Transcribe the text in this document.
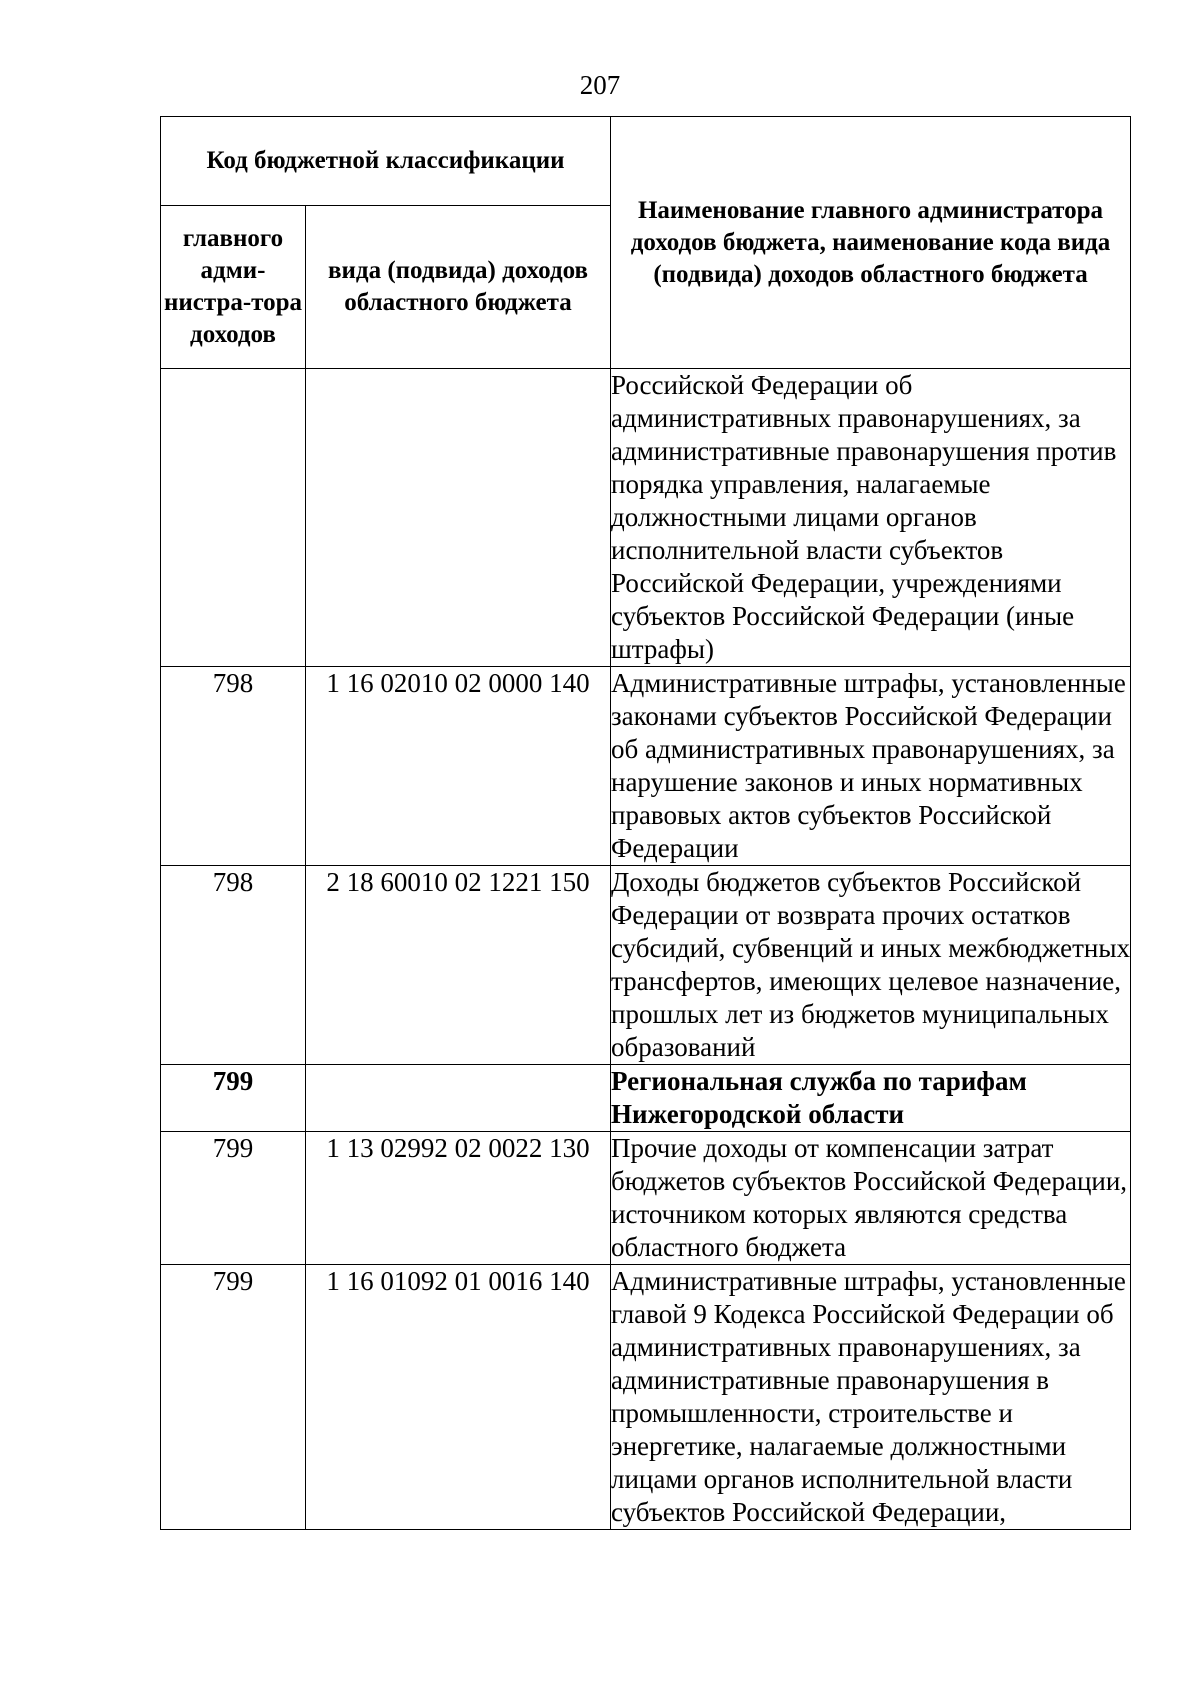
207
Код бюджетной классификации		Наименование главного администратора доходов бюджета, наименование кода вида (подвида) доходов областного бюджета
главного адми-нистра-тора доходов	вида (подвида) доходов областного бюджета	
		Российской Федерации об административных правонарушениях, за административные правонарушения против порядка управления, налагаемые должностными лицами органов исполнительной власти субъектов Российской Федерации, учреждениями субъектов Российской Федерации (иные штрафы)
798	1 16 02010 02 0000 140	Административные штрафы, установленные законами субъектов Российской Федерации об административных правонарушениях, за нарушение законов и иных нормативных правовых актов субъектов Российской Федерации
798	2 18 60010 02 1221 150	Доходы бюджетов субъектов Российской Федерации от возврата прочих остатков субсидий, субвенций и иных межбюджетных трансфертов, имеющих целевое назначение, прошлых лет из бюджетов муниципальных образований
799		Региональная служба по тарифам Нижегородской области
799	1 13 02992 02 0022 130	Прочие доходы от компенсации затрат бюджетов субъектов Российской Федерации, источником которых являются средства областного бюджета
799	1 16 01092 01 0016 140	Административные штрафы, установленные главой 9 Кодекса Российской Федерации об административных правонарушениях, за административные правонарушения в промышленности, строительстве и энергетике, налагаемые должностными лицами органов исполнительной власти субъектов Российской Федерации,
